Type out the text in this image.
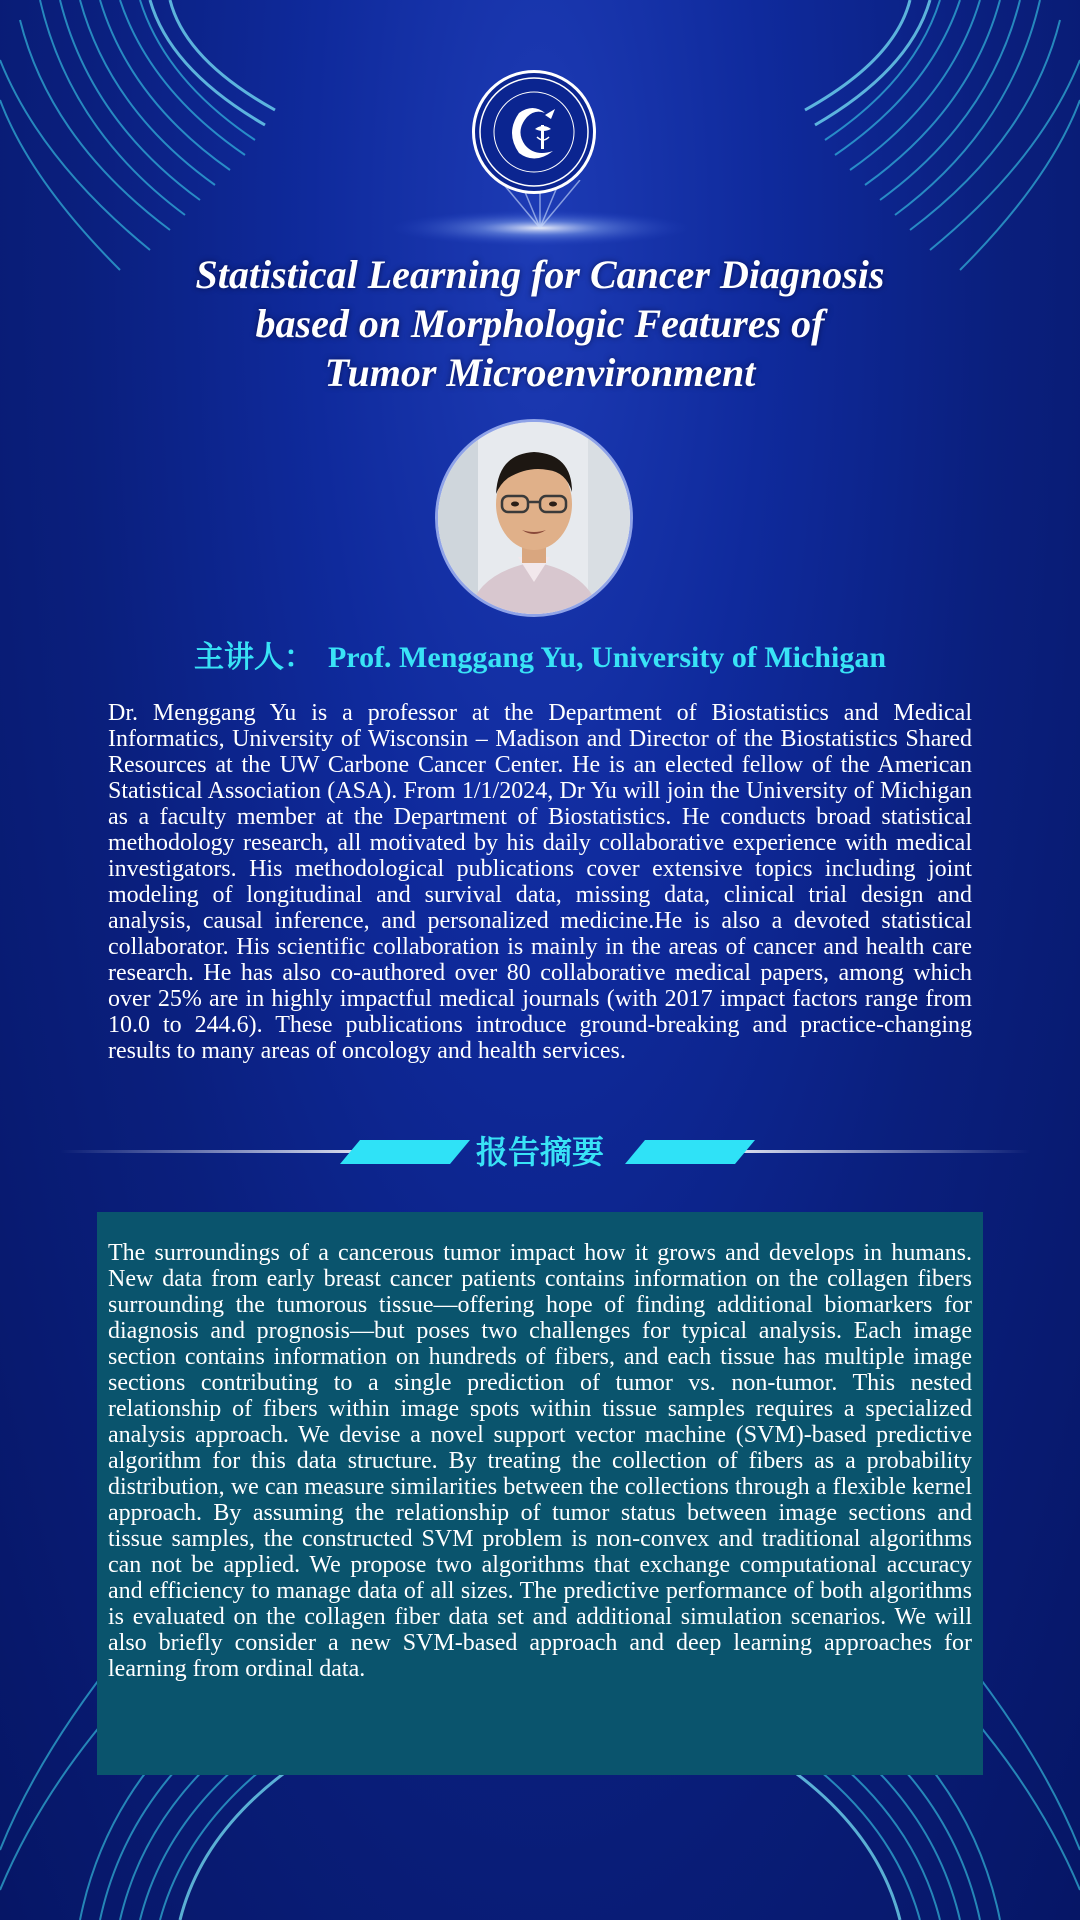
Statistical Learning for Cancer Diagnosis
based on Morphologic Features of
Tumor Microenvironment
主讲人： Prof. Menggang Yu, University of Michigan

Dr. Menggang Yu is a professor at the Department of Biostatistics and Medical Informatics, University of Wisconsin – Madison and Director of the Biostatistics Shared Resources at the UW Carbone Cancer Center. He is an elected fellow of the American Statistical Association (ASA). From 1/1/2024, Dr Yu will join the University of Michigan as a faculty member at the Department of Biostatistics. He conducts broad statistical methodology research, all motivated by his daily collaborative experience with medical investigators. His methodological publications cover extensive topics including joint modeling of longitudinal and survival data, missing data, clinical trial design and analysis, causal inference, and personalized medicine.He is also a devoted statistical collaborator. His scientific collaboration is mainly in the areas of cancer and health care research. He has also co-authored over 80 collaborative medical papers, among which over 25% are in highly impactful medical journals (with 2017 impact factors range from 10.0 to 244.6). These publications introduce ground-breaking and practice-changing results to many areas of oncology and health services.

报告摘要

The surroundings of a cancerous tumor impact how it grows and develops in humans. New data from early breast cancer patients contains information on the collagen fibers surrounding the tumorous tissue—offering hope of finding additional biomarkers for diagnosis and prognosis—but poses two challenges for typical analysis. Each image section contains information on hundreds of fibers, and each tissue has multiple image sections contributing to a single prediction of tumor vs. non-tumor. This nested relationship of fibers within image spots within tissue samples requires a specialized analysis approach. We devise a novel support vector machine (SVM)-based predictive algorithm for this data structure. By treating the collection of fibers as a probability distribution, we can measure similarities between the collections through a flexible kernel approach. By assuming the relationship of tumor status between image sections and tissue samples, the constructed SVM problem is non-convex and traditional algorithms can not be applied. We propose two algorithms that exchange computational accuracy and efficiency to manage data of all sizes. The predictive performance of both algorithms is evaluated on the collagen fiber data set and additional simulation scenarios. We will also briefly consider a new SVM-based approach and deep learning approaches for learning from ordinal data.
